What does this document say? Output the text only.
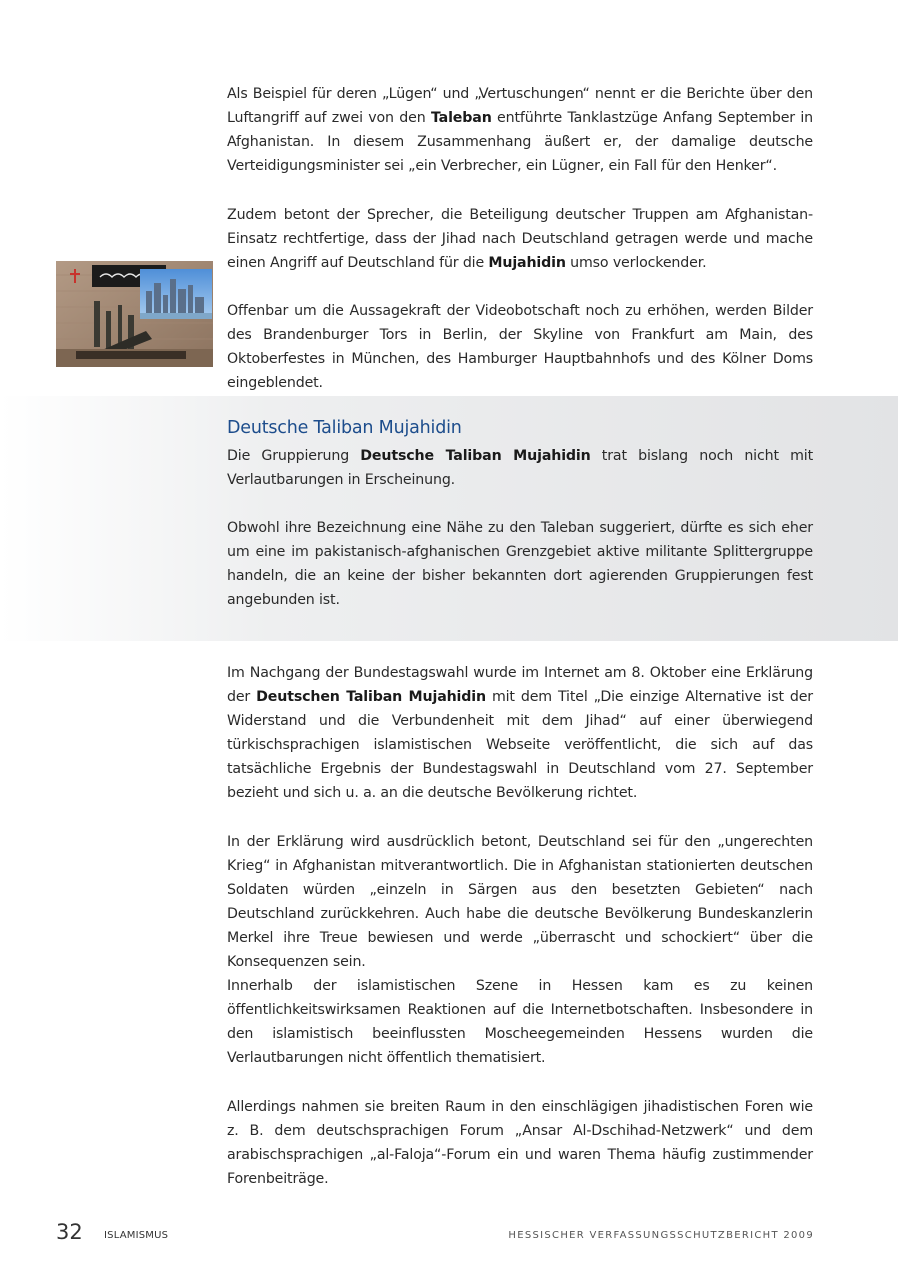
Als Beispiel für deren „Lügen“ und „Vertuschungen“ nennt er die Berichte über den Luftangriff auf zwei von den Taleban entführte Tanklastzüge Anfang September in Afghanistan. In diesem Zusammenhang äußert er, der damalige deutsche Verteidigungsminister sei „ein Verbrecher, ein Lügner, ein Fall für den Henker“.

Zudem betont der Sprecher, die Beteiligung deutscher Truppen am Afghanistan-Einsatz rechtfertige, dass der Jihad nach Deutschland getragen werde und mache einen Angriff auf Deutschland für die Mujahidin umso verlockender.

Offenbar um die Aussagekraft der Videobotschaft noch zu erhöhen, werden Bilder des Brandenburger Tors in Berlin, der Skyline von Frankfurt am Main, des Oktoberfestes in München, des Hamburger Hauptbahnhofs und des Kölner Doms eingeblendet.

Deutsche Taliban Mujahidin

Die Gruppierung Deutsche Taliban Mujahidin trat bislang noch nicht mit Verlautbarungen in Erscheinung.

Obwohl ihre Bezeichnung eine Nähe zu den Taleban suggeriert, dürfte es sich eher um eine im pakistanisch-afghanischen Grenzgebiet aktive militante Splittergruppe handeln, die an keine der bisher bekannten dort agierenden Gruppierungen fest angebunden ist.

Im Nachgang der Bundestagswahl wurde im Internet am 8. Oktober eine Erklärung der Deutschen Taliban Mujahidin mit dem Titel „Die einzige Alternative ist der Widerstand und die Verbundenheit mit dem Jihad“ auf einer überwiegend türkischsprachigen islamistischen Webseite veröffentlicht, die sich auf das tatsächliche Ergebnis der Bundestagswahl in Deutschland vom 27. September bezieht und sich u. a. an die deutsche Bevölkerung richtet.

In der Erklärung wird ausdrücklich betont, Deutschland sei für den „ungerechten Krieg“ in Afghanistan mitverantwortlich. Die in Afghanistan stationierten deutschen Soldaten würden „einzeln in Särgen aus den besetzten Gebieten“ nach Deutschland zurückkehren. Auch habe die deutsche Bevölkerung Bundeskanzlerin Merkel ihre Treue bewiesen und werde „überrascht und schockiert“ über die Konsequenzen sein.

Innerhalb der islamistischen Szene in Hessen kam es zu keinen öffentlichkeitswirksamen Reaktionen auf die Internetbotschaften. Insbesondere in den islamistisch beeinflussten Moscheegemeinden Hessens wurden die Verlautbarungen nicht öffentlich thematisiert.

Allerdings nahmen sie breiten Raum in den einschlägigen jihadistischen Foren wie z. B. dem deutschsprachigen Forum „Ansar Al-Dschihad-Netzwerk“ und dem arabischsprachigen „al-Faloja“-Forum ein und waren Thema häufig zustimmender Forenbeiträge.

32 ISLAMISMUS	HESSISCHER VERFASSUNGSSCHUTZBERICHT 2009
